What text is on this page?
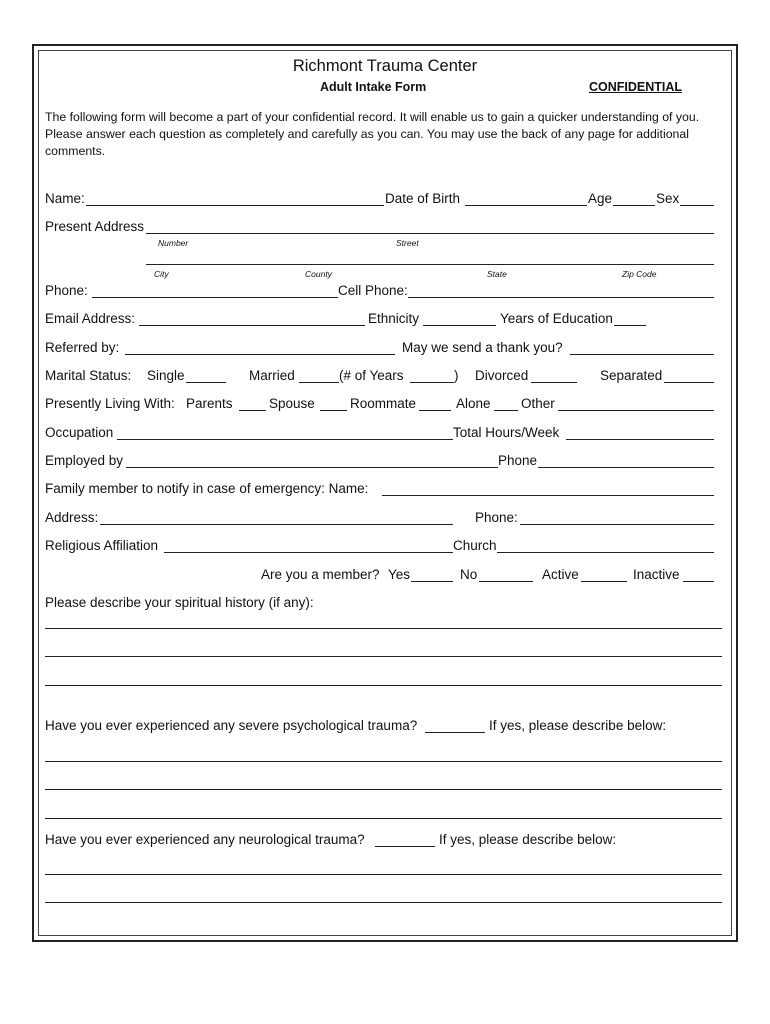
Richmont Trauma Center
Adult Intake Form	CONFIDENTIAL
The following form will become a part of your confidential record. It will enable us to gain a quicker understanding of you. Please answer each question as completely and carefully as you can. You may use the back of any page for additional comments.
Name:	Date of Birth	Age	Sex
Present Address
Number	Street
City	County	State	Zip Code
Phone:	Cell Phone:
Email Address:	Ethnicity	Years of Education
Referred by:	May we send a thank you?
Marital Status: Single	Married	(# of Years	) Divorced	Separated
Presently Living With: Parents	Spouse	Roommate	Alone Other
Occupation	Total Hours/Week
Employed by	Phone
Family member to notify in case of emergency: Name:
Address:	Phone:
Religious Affiliation	Church
Are you a member? Yes	No	Active	Inactive
Please describe your spiritual history (if any):
Have you ever experienced any severe psychological trauma?	If yes, please describe below:
Have you ever experienced any neurological trauma?	If yes, please describe below:
